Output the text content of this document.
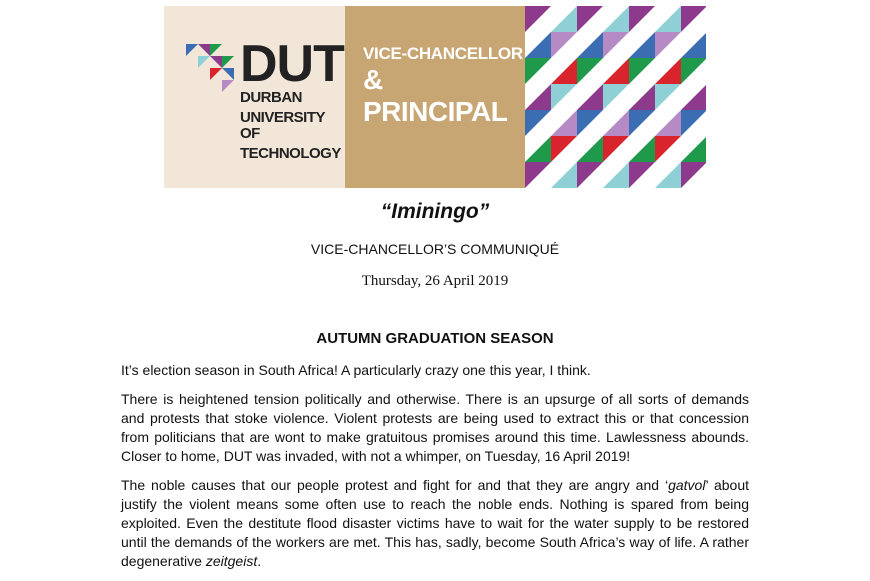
DUT
DURBAN
UNIVERSITY OF
TECHNOLOGY
VICE-CHANCELLOR
& PRINCIPAL
“Iminingo”
VICE-CHANCELLOR’S COMMUNIQUÉ
Thursday, 26 April 2019
AUTUMN GRADUATION SEASON

It’s election season in South Africa! A particularly crazy one this year, I think.

There is heightened tension politically and otherwise. There is an upsurge of all sorts of demands and protests that stoke violence. Violent protests are being used to extract this or that concession from politicians that are wont to make gratuitous promises around this time. Lawlessness abounds. Closer to home, DUT was invaded, with not a whimper, on Tuesday, 16 April 2019!

The noble causes that our people protest and fight for and that they are angry and ‘gatvol’ about justify the violent means some often use to reach the noble ends. Nothing is spared from being exploited. Even the destitute flood disaster victims have to wait for the water supply to be restored until the demands of the workers are met. This has, sadly, become South Africa’s way of life. A rather degenerative zeitgeist.
